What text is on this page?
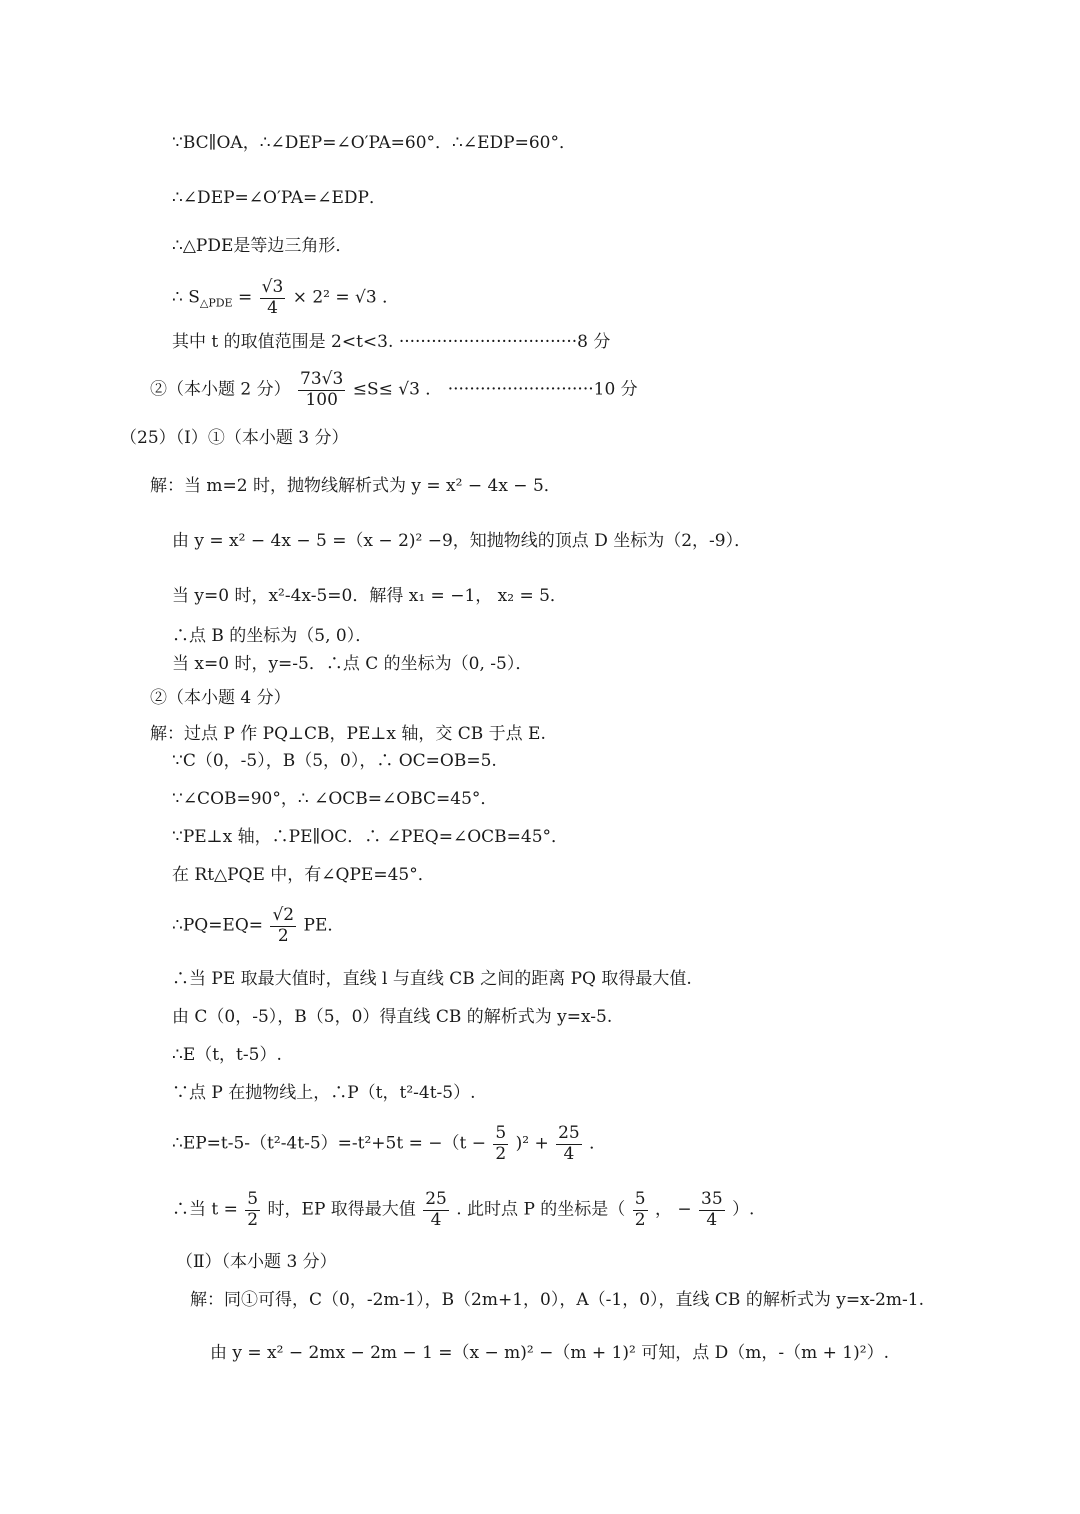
∵BC∥OA，∴∠DEP=∠O′PA=60°．∴∠EDP=60°．
∴∠DEP=∠O′PA=∠EDP．
∴△PDE是等边三角形．
∴ $S_{\triangle PDE} = \frac{√3}{4} \times 2^2 = √3$ ．
其中 t 的取值范围是 2<t<3. ·································8 分
②（本小题 2 分） $\frac{73√3}{100} \le S\le √3$ ． ···························10 分
（25）（Ⅰ）①（本小题 3 分）
解：当 m=2 时，抛物线解析式为 y = x² − 4x − 5．
由 y = x² − 4x − 5 =（x − 2)² −9，知抛物线的顶点 D 坐标为（2，-9）．
当 y=0 时，x²-4x-5=0．解得 x₁ = −1， x₂ = 5．
∴点 B 的坐标为（5, 0）．
当 x=0 时，y=-5．∴点 C 的坐标为（0, -5）．
②（本小题 4 分）
解：过点 P 作 PQ⊥CB，PE⊥x 轴，交 CB 于点 E.
∵C（0，-5），B（5，0），∴ OC=OB=5.
∵∠COB=90°，∴ ∠OCB=∠OBC=45°．
∵PE⊥x 轴，∴PE∥OC．∴ ∠PEQ=∠OCB=45°．
在 Rt△PQE 中，有∠QPE=45°．
∴PQ=EQ= $\frac{√2}{2}$ PE．
∴当 PE 取最大值时，直线 l 与直线 CB 之间的距离 PQ 取得最大值.
由 C（0，-5），B（5，0）得直线 CB 的解析式为 y=x-5.
∴E（t，t-5）.
∵点 P 在抛物线上，∴P（t，t²-4t-5）.
∴EP=t-5-（t²-4t-5）=-t²+5t = $-(t - \frac{5}{2} )^2 + \frac{25}{4}$ ．
∴当 $t = \frac{5}{2}$ 时，EP 取得最大值 $\frac{25}{4}$ . 此时点 P 的坐标是（ $\frac{5}{2}$ ， − $\frac{35}{4}$ ）.
（Ⅱ）（本小题 3 分）
解：同①可得，C（0，-2m-1），B（2m+1，0），A（-1，0），直线 CB 的解析式为 y=x-2m-1.
由 y = x² − 2mx − 2m − 1 =（x − m)² −（m + 1)² 可知，点 D（m，-（m + 1)²）.
